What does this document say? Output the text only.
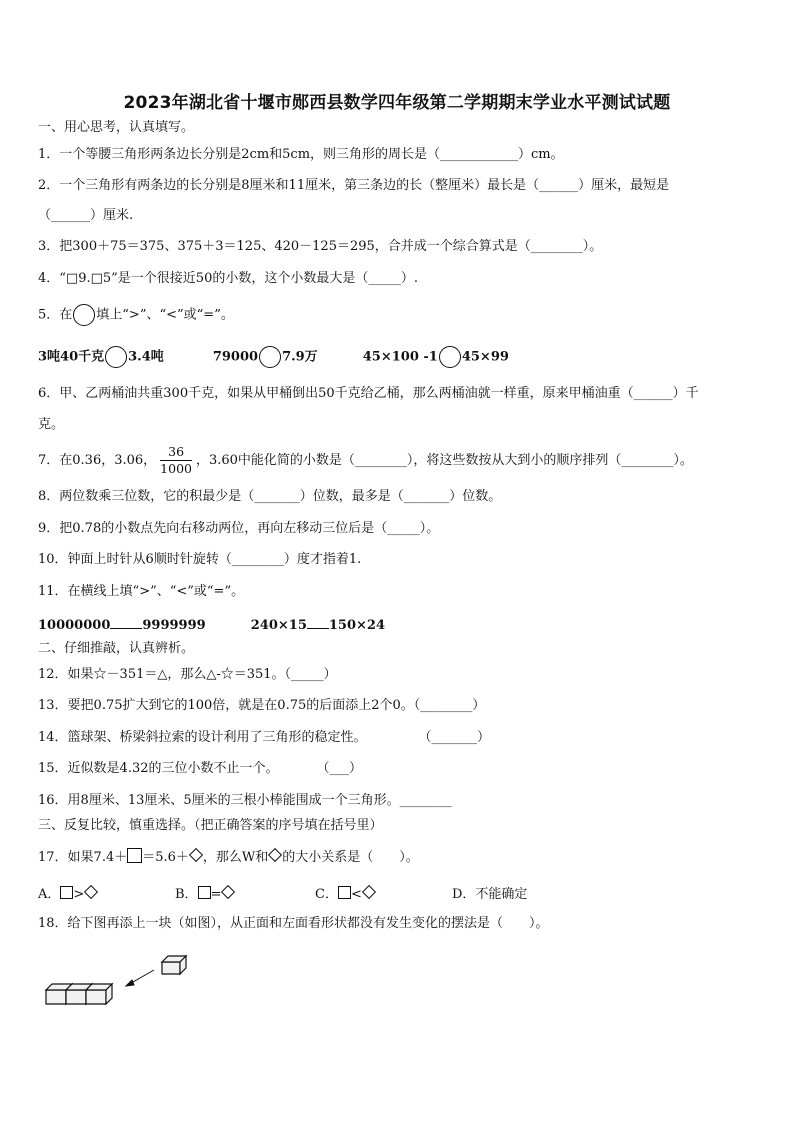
2023年湖北省十堰市郧西县数学四年级第二学期期末学业水平测试试题
一、用心思考，认真填写。
1．一个等腰三角形两条边长分别是2cm和5cm，则三角形的周长是（____________）cm。
2．一个三角形有两条边的长分别是8厘米和11厘米，第三条边的长（整厘米）最长是（______）厘米，最短是
（______）厘米.
3．把300＋75＝375、375＋3＝125、420－125＝295，合并成一个综合算式是（________）。
4．“□9.□5”是一个很接近50的小数，这个小数最大是（_____）.
5．在 填上“>”、“<”或“=”。
3吨40千克 3.4吨	79000 7.9万	45×100 -1 45×99
6．甲、乙两桶油共重300千克，如果从甲桶倒出50千克给乙桶，那么两桶油就一样重，原来甲桶油重（______）千
克。
7．在0.36，3.06， $\frac{36}{1000}$ ，3.60中能化简的小数是（________），将这些数按从大到小的顺序排列（________）。
8．两位数乘三位数，它的积最少是（_______）位数，最多是（_______）位数。
9．把0.78的小数点先向右移动两位，再向左移动三位后是（_____）。
10．钟面上时针从6顺时针旋转（________）度才指着1.
11．在横线上填“>”、“<”或“=”。
10000000 9999999	240×15 150×24
二、仔细推敲，认真辨析。
12．如果☆－351＝△，那么△-☆＝351。（_____）
13．要把0.75扩大到它的100倍，就是在0.75的后面添上2个0。（________）
14．篮球架、桥梁斜拉索的设计利用了三角形的稳定性。	（_______）
15．近似数是4.32的三位小数不止一个。	（___）
16．用8厘米、13厘米、5厘米的三根小棒能围成一个三角形。________
三、反复比较，慎重选择。（把正确答案的序号填在括号里）
17．如果7.4＋ ＝5.6＋ ，那么W和 的大小关系是（　　）。
A． >	B． =	C． <	D．不能确定
18．给下图再添上一块（如图），从正面和左面看形状都没有发生变化的摆法是（　　）。
